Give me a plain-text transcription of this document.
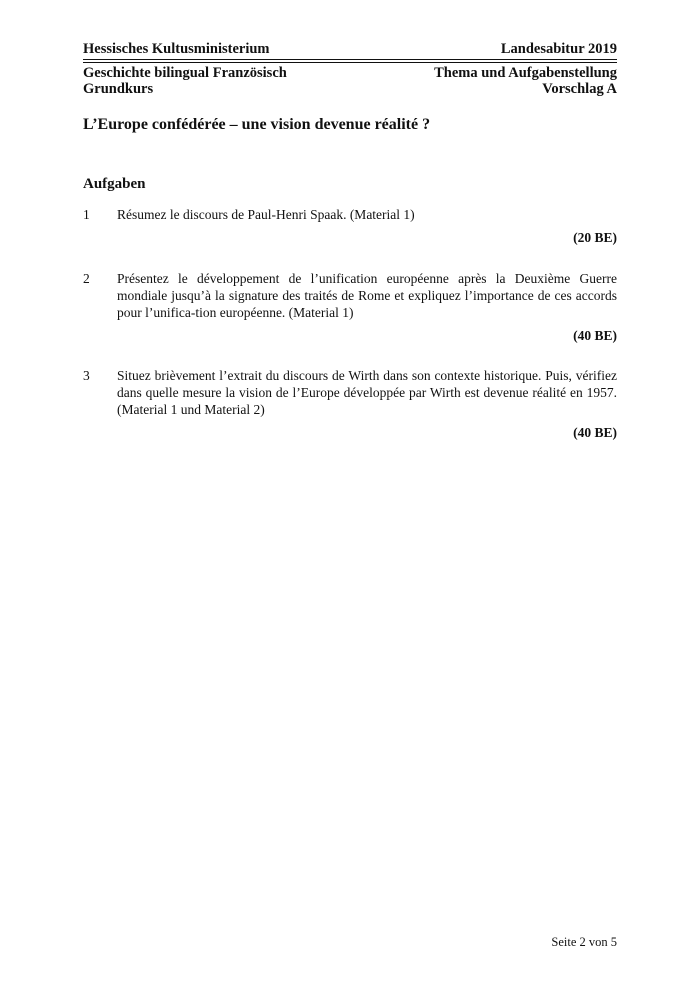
Hessisches Kultusministerium	Landesabitur 2019
Geschichte bilingual Französisch	Thema und Aufgabenstellung
Grundkurs	Vorschlag A
L’Europe confédérée – une vision devenue réalité ?
Aufgaben
1	Résumez le discours de Paul-Henri Spaak. (Material 1)
(20 BE)
2	Présentez le développement de l’unification européenne après la Deuxième Guerre mondiale jusqu’à la signature des traités de Rome et expliquez l’importance de ces accords pour l’unifica-tion européenne. (Material 1)
(40 BE)
3	Situez brièvement l’extrait du discours de Wirth dans son contexte historique. Puis, vérifiez dans quelle mesure la vision de l’Europe développée par Wirth est devenue réalité en 1957. (Material 1 und Material 2)
(40 BE)
Seite 2 von 5
